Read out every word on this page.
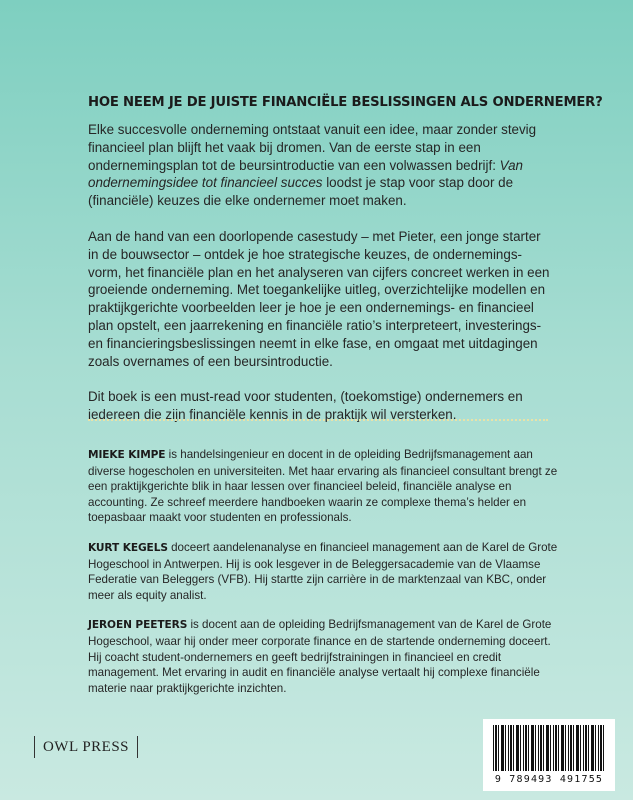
HOE NEEM JE DE JUISTE FINANCIËLE BESLISSINGEN ALS ONDERNEMER?

Elke succesvolle onderneming ontstaat vanuit een idee, maar zonder stevig financieel plan blijft het vaak bij dromen. Van de eerste stap in een ondernemingsplan tot de beursintroductie van een volwassen bedrijf: Van ondernemingsidee tot financieel succes loodst je stap voor stap door de (financiële) keuzes die elke ondernemer moet maken.

Aan de hand van een doorlopende casestudy – met Pieter, een jonge starter in de bouwsector – ontdek je hoe strategische keuzes, de ondernemings-vorm, het financiële plan en het analyseren van cijfers concreet werken in een groeiende onderneming. Met toegankelijke uitleg, overzichtelijke modellen en praktijkgerichte voorbeelden leer je hoe je een ondernemings- en financieel plan opstelt, een jaarrekening en financiële ratio’s interpreteert, investerings- en financieringsbeslissingen neemt in elke fase, en omgaat met uitdagingen zoals overnames of een beursintroductie.

Dit boek is een must-read voor studenten, (toekomstige) ondernemers en iedereen die zijn financiële kennis in de praktijk wil versterken.

MIEKE KIMPE is handelsingenieur en docent in de opleiding Bedrijfsmanagement aan diverse hogescholen en universiteiten. Met haar ervaring als financieel consultant brengt ze een praktijkgerichte blik in haar lessen over financieel beleid, financiële analyse en accounting. Ze schreef meerdere handboeken waarin ze complexe thema’s helder en toepasbaar maakt voor studenten en professionals.

KURT KEGELS doceert aandelenanalyse en financieel management aan de Karel de Grote Hogeschool in Antwerpen. Hij is ook lesgever in de Beleggersacademie van de Vlaamse Federatie van Beleggers (VFB). Hij startte zijn carrière in de marktenzaal van KBC, onder meer als equity analist.

JEROEN PEETERS is docent aan de opleiding Bedrijfsmanagement van de Karel de Grote Hogeschool, waar hij onder meer corporate finance en de startende onderneming doceert. Hij coacht student-ondernemers en geeft bedrijfstrainingen in financieel en credit management. Met ervaring in audit en financiële analyse vertaalt hij complexe financiële materie naar praktijkgerichte inzichten.

OWL PRESS
9 789493 491755
